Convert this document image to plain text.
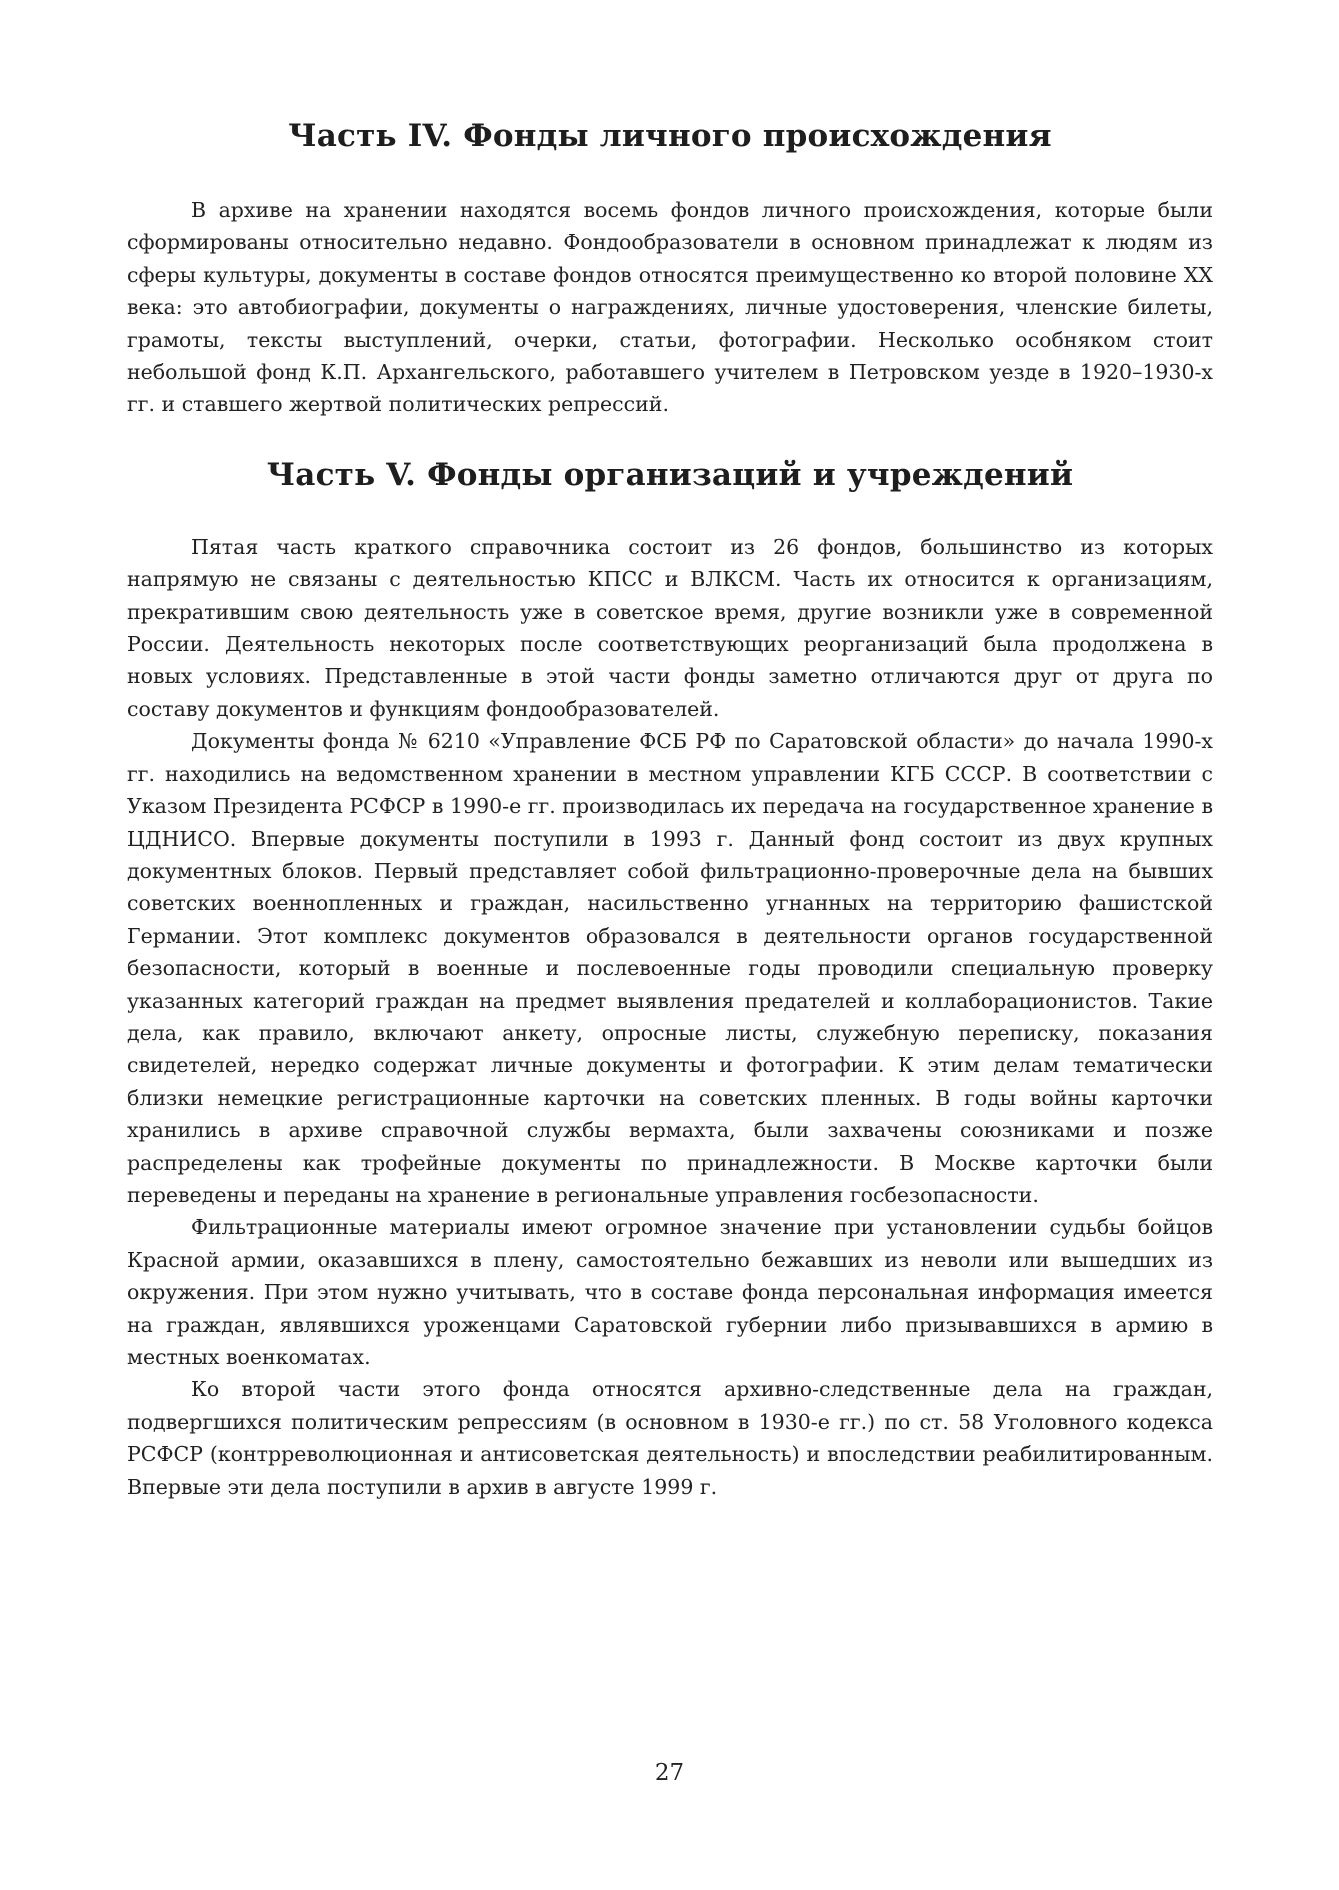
Часть IV. Фонды личного происхождения

В архиве на хранении находятся восемь фондов личного происхождения, которые были сформированы относительно недавно. Фондообразователи в основном принадлежат к людям из сферы культуры, документы в составе фондов относятся преимущественно ко второй половине XX века: это автобиографии, документы о награждениях, личные удостоверения, членские билеты, грамоты, тексты выступлений, очерки, статьи, фотографии. Несколько особняком стоит небольшой фонд К.П. Архангельского, работавшего учителем в Петровском уезде в 1920–1930-х гг. и ставшего жертвой политических репрессий.

Часть V. Фонды организаций и учреждений

Пятая часть краткого справочника состоит из 26 фондов, большинство из которых напрямую не связаны с деятельностью КПСС и ВЛКСМ. Часть их относится к организациям, прекратившим свою деятельность уже в советское время, другие возникли уже в современной России. Деятельность некоторых после соответствующих реорганизаций была продолжена в новых условиях. Представленные в этой части фонды заметно отличаются друг от друга по составу документов и функциям фондообразователей.

Документы фонда № 6210 «Управление ФСБ РФ по Саратовской области» до начала 1990-х гг. находились на ведомственном хранении в местном управлении КГБ СССР. В соответствии с Указом Президента РСФСР в 1990-е гг. производилась их передача на государственное хранение в ЦДНИСО. Впервые документы поступили в 1993 г. Данный фонд состоит из двух крупных документных блоков. Первый представляет собой фильтрационно-проверочные дела на бывших советских военнопленных и граждан, насильственно угнанных на территорию фашистской Германии. Этот комплекс документов образовался в деятельности органов государственной безопасности, который в военные и послевоенные годы проводили специальную проверку указанных категорий граждан на предмет выявления предателей и коллаборационистов. Такие дела, как правило, включают анкету, опросные листы, служебную переписку, показания свидетелей, нередко содержат личные документы и фотографии. К этим делам тематически близки немецкие регистрационные карточки на советских пленных. В годы войны карточки хранились в архиве справочной службы вермахта, были захвачены союзниками и позже распределены как трофейные документы по принадлежности. В Москве карточки были переведены и переданы на хранение в региональные управления госбезопасности.

Фильтрационные материалы имеют огромное значение при установлении судьбы бойцов Красной армии, оказавшихся в плену, самостоятельно бежавших из неволи или вышедших из окружения. При этом нужно учитывать, что в составе фонда персональная информация имеется на граждан, являвшихся уроженцами Саратовской губернии либо призывавшихся в армию в местных военкоматах.

Ко второй части этого фонда относятся архивно-следственные дела на граждан, подвергшихся политическим репрессиям (в основном в 1930-е гг.) по ст. 58 Уголовного кодекса РСФСР (контрреволюционная и антисоветская деятельность) и впоследствии реабилитированным. Впервые эти дела поступили в архив в августе 1999 г.

27
